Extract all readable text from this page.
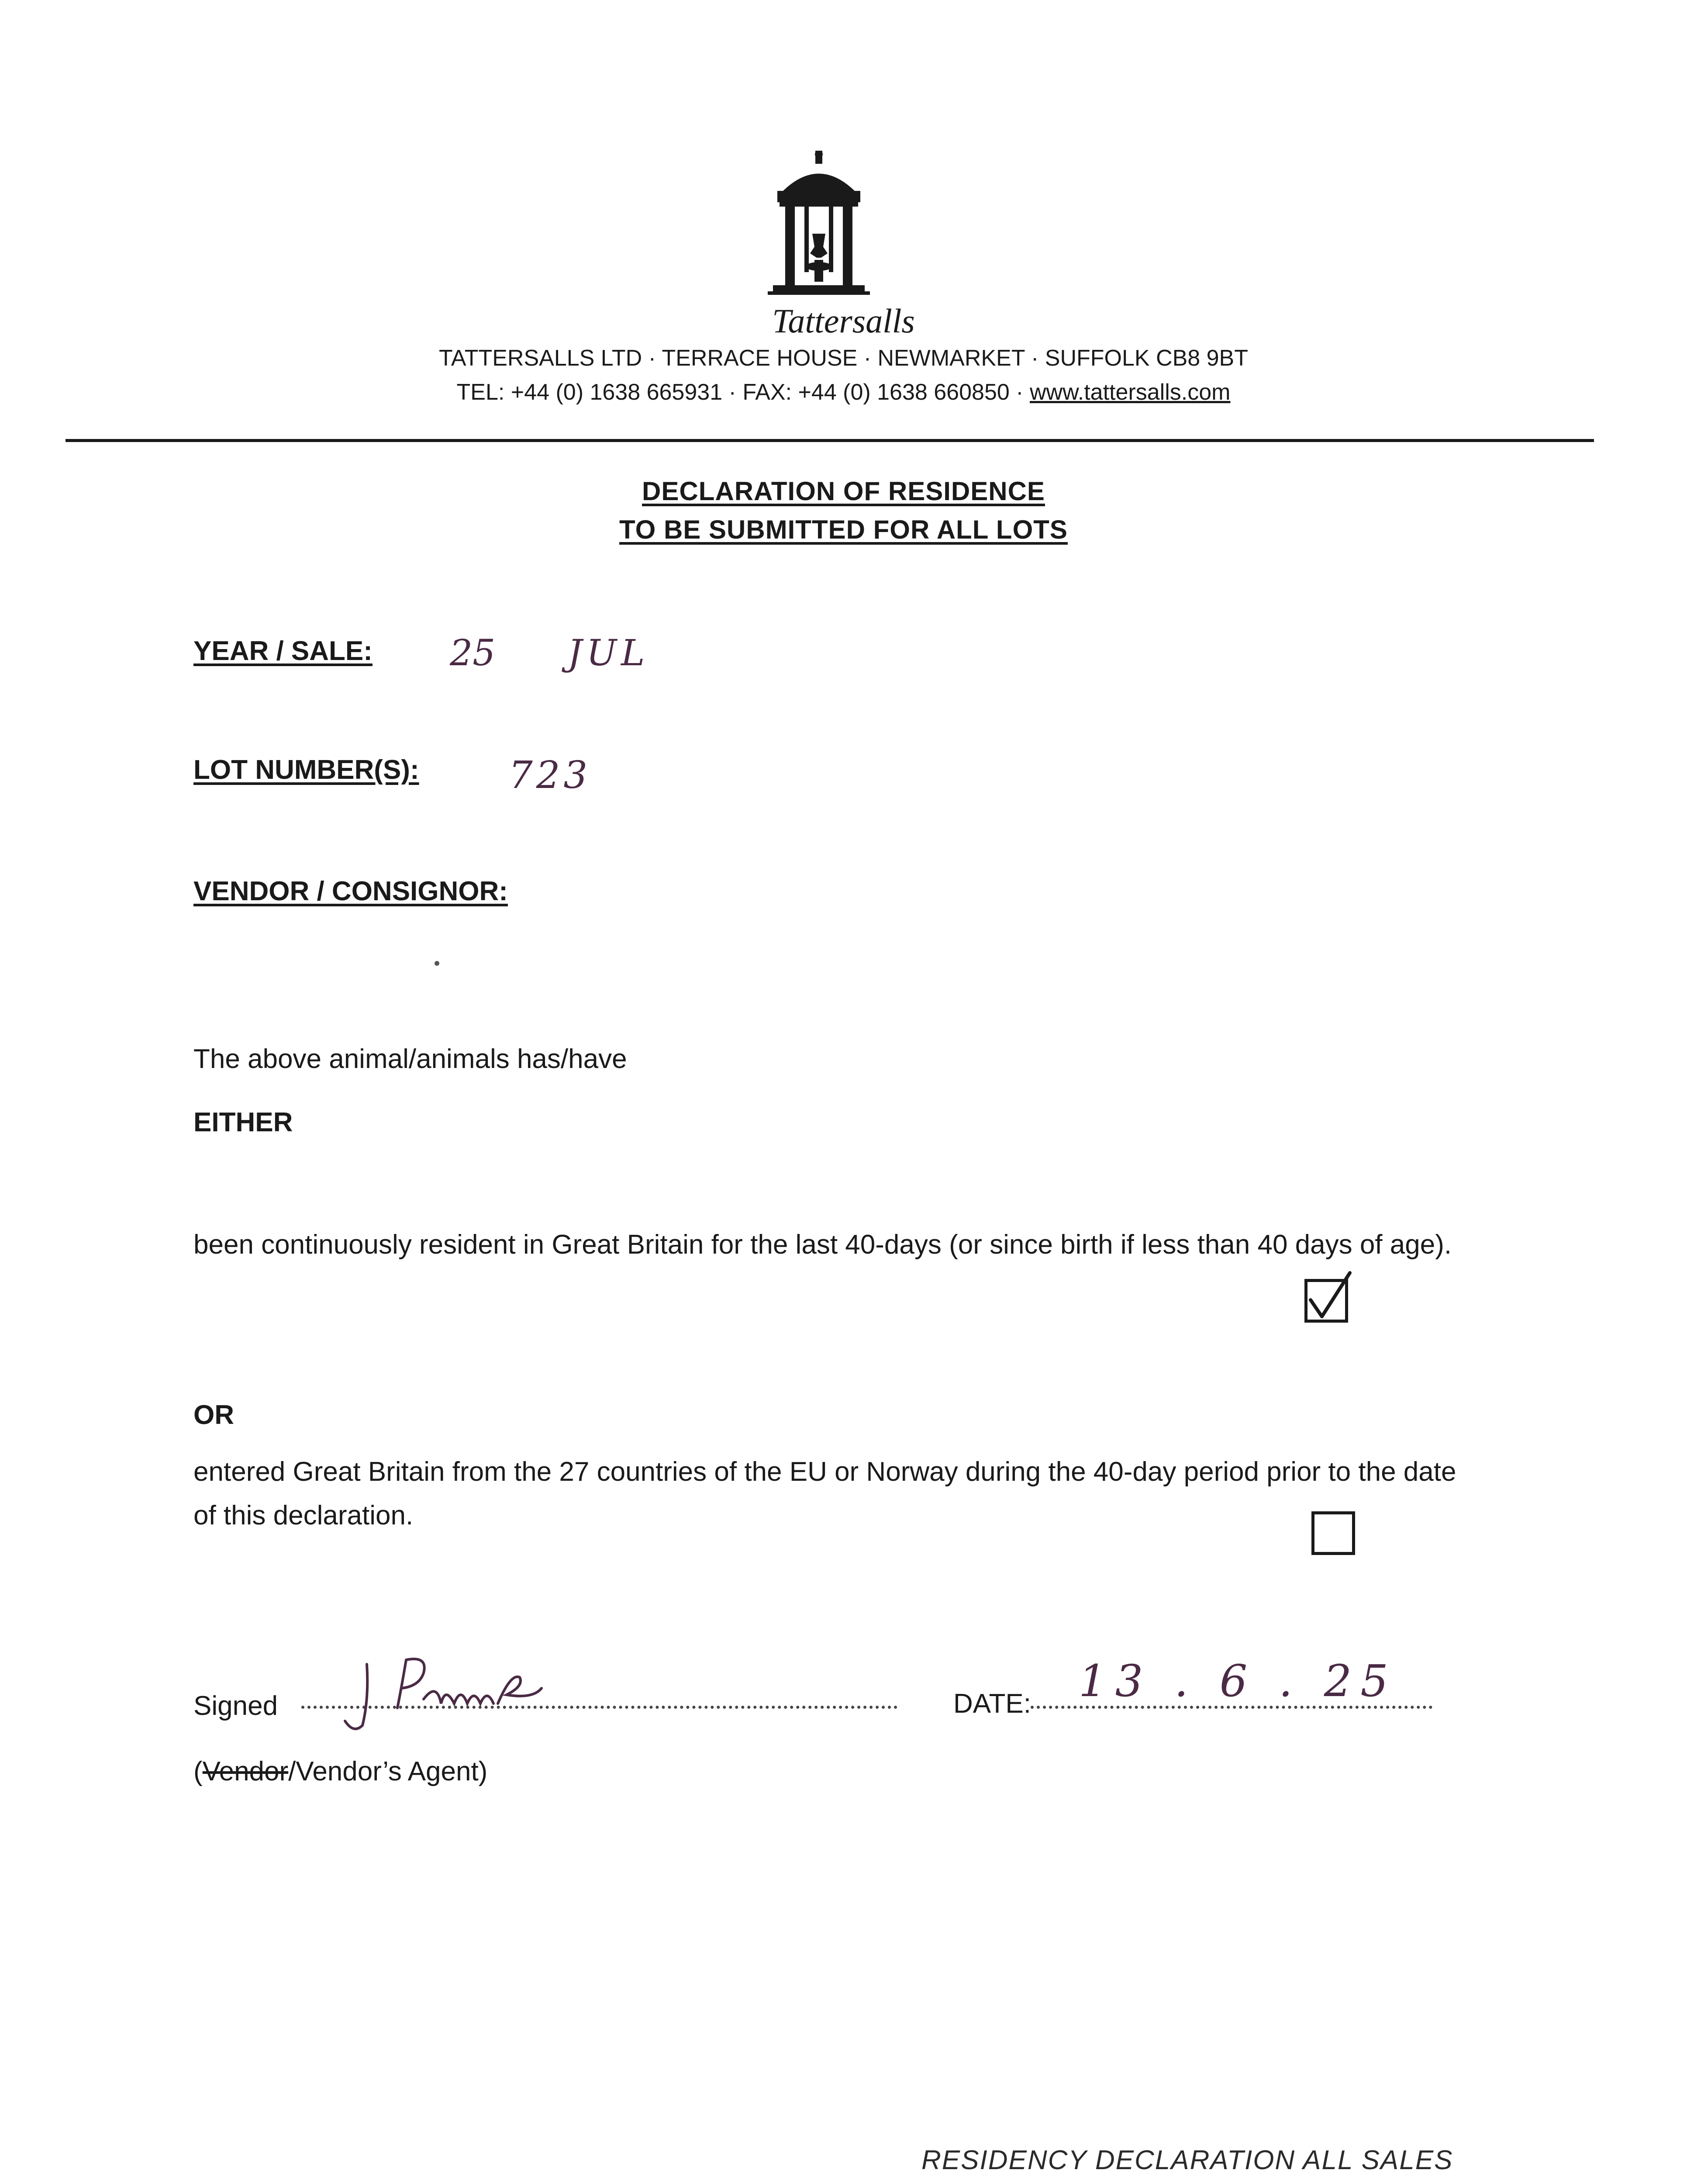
Tattersalls
TATTERSALLS LTD · TERRACE HOUSE · NEWMARKET · SUFFOLK CB8 9BT
TEL: +44 (0) 1638 665931 · FAX: +44 (0) 1638 660850 · www.tattersalls.com
DECLARATION OF RESIDENCE
TO BE SUBMITTED FOR ALL LOTS
YEAR / SALE: 25 JUL
LOT NUMBER(S): 723
VENDOR / CONSIGNOR:
The above animal/animals has/have
EITHER
been continuously resident in Great Britain for the last 40-days (or since birth if less than 40 days of age).
OR
entered Great Britain from the 27 countries of the EU or Norway during the 40-day period prior to the date of this declaration.
Signed	DATE: 13 . 6 . 25
(Vendor/Vendor’s Agent)
RESIDENCY DECLARATION ALL SALES
